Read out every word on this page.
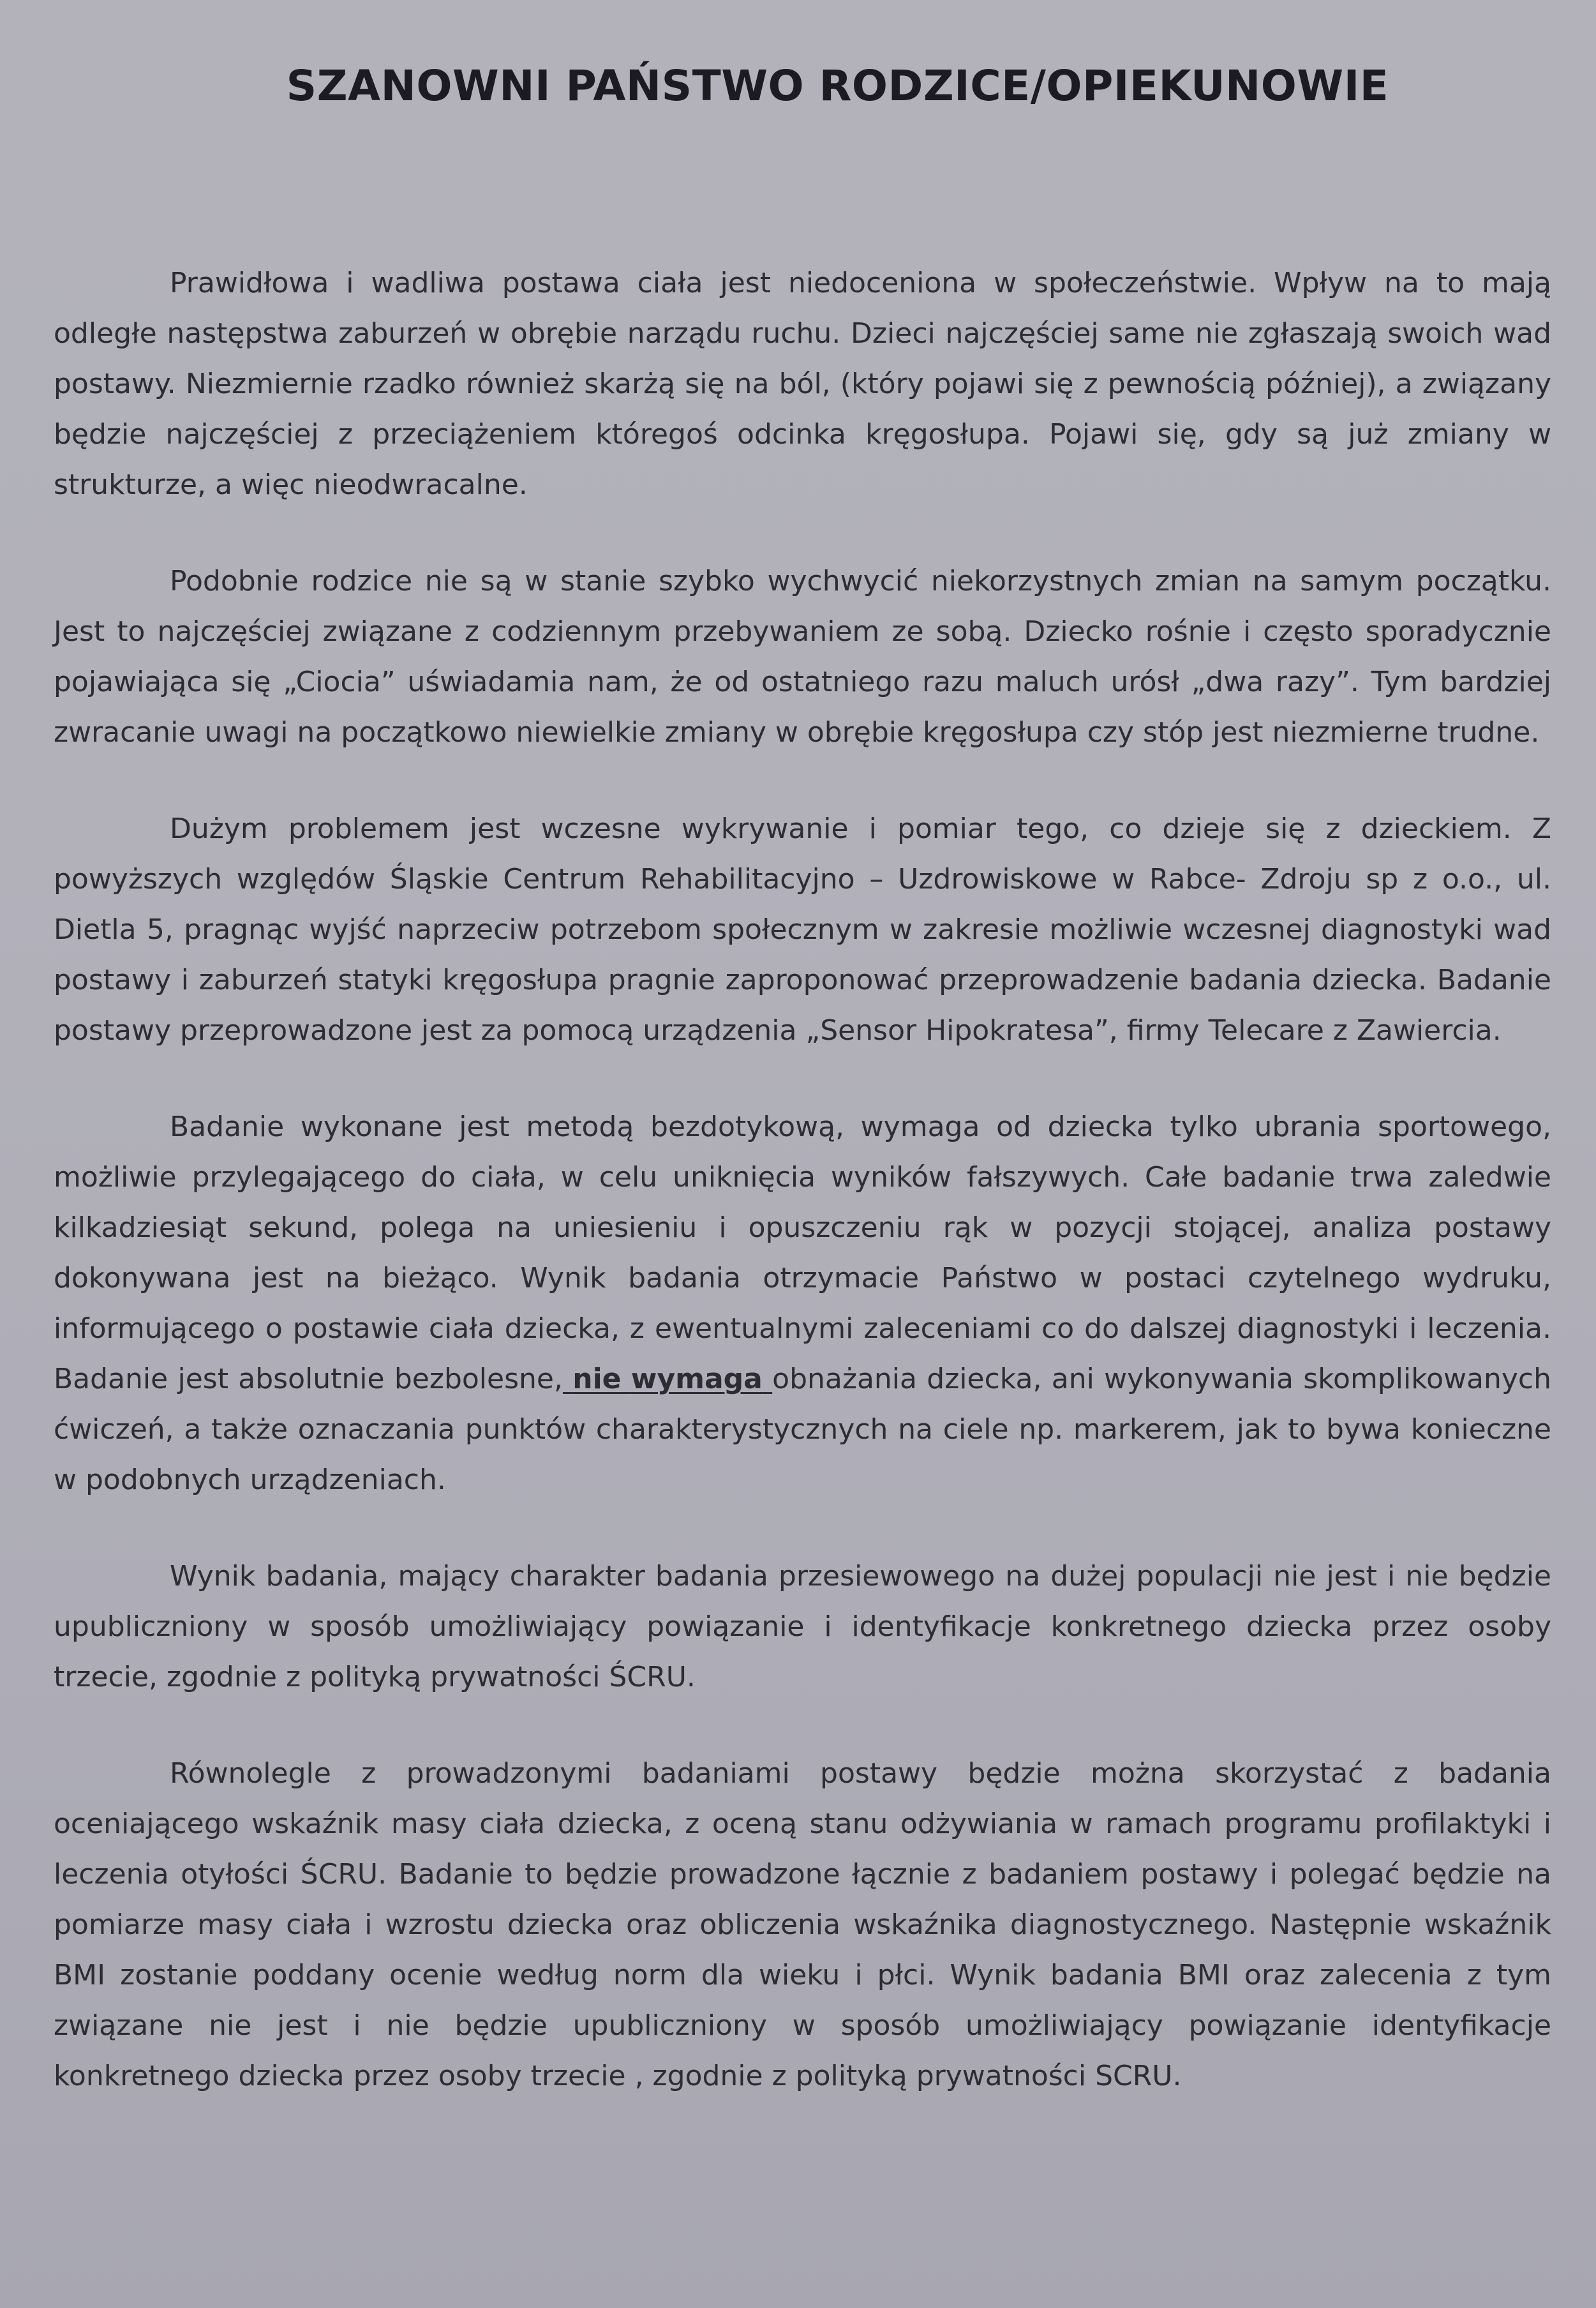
SZANOWNI PAŃSTWO RODZICE/OPIEKUNOWIE

Prawidłowa i wadliwa postawa ciała jest niedoceniona w społeczeństwie. Wpływ na to mają odległe następstwa zaburzeń w obrębie narządu ruchu. Dzieci najczęściej same nie zgłaszają swoich wad postawy. Niezmiernie rzadko również skarżą się na ból, (który pojawi się z pewnością później), a związany będzie najczęściej z przeciążeniem któregoś odcinka kręgosłupa. Pojawi się, gdy są już zmiany w strukturze, a więc nieodwracalne.

Podobnie rodzice nie są w stanie szybko wychwycić niekorzystnych zmian na samym początku. Jest to najczęściej związane z codziennym przebywaniem ze sobą. Dziecko rośnie i często sporadycznie pojawiająca się „Ciocia” uświadamia nam, że od ostatniego razu maluch urósł „dwa razy”. Tym bardziej zwracanie uwagi na początkowo niewielkie zmiany w obrębie kręgosłupa czy stóp jest niezmierne trudne.

Dużym problemem jest wczesne wykrywanie i pomiar tego, co dzieje się z dzieckiem. Z powyższych względów Śląskie Centrum Rehabilitacyjno – Uzdrowiskowe w Rabce- Zdroju sp z o.o., ul. Dietla 5, pragnąc wyjść naprzeciw potrzebom społecznym w zakresie możliwie wczesnej diagnostyki wad postawy i zaburzeń statyki kręgosłupa pragnie zaproponować przeprowadzenie badania dziecka. Badanie postawy przeprowadzone jest za pomocą urządzenia „Sensor Hipokratesa”, firmy Telecare z Zawiercia.

Badanie wykonane jest metodą bezdotykową, wymaga od dziecka tylko ubrania sportowego, możliwie przylegającego do ciała, w celu uniknięcia wyników fałszywych. Całe badanie trwa zaledwie kilkadziesiąt sekund, polega na uniesieniu i opuszczeniu rąk w pozycji stojącej, analiza postawy dokonywana jest na bieżąco. Wynik badania otrzymacie Państwo w postaci czytelnego wydruku, informującego o postawie ciała dziecka, z ewentualnymi zaleceniami co do dalszej diagnostyki i leczenia. Badanie jest absolutnie bezbolesne, nie wymaga obnażania dziecka, ani wykonywania skomplikowanych ćwiczeń, a także oznaczania punktów charakterystycznych na ciele np. markerem, jak to bywa konieczne w podobnych urządzeniach.

Wynik badania, mający charakter badania przesiewowego na dużej populacji nie jest i nie będzie upubliczniony w sposób umożliwiający powiązanie i identyfikacje konkretnego dziecka przez osoby trzecie, zgodnie z polityką prywatności ŚCRU.

Równolegle z prowadzonymi badaniami postawy będzie można skorzystać z badania oceniającego wskaźnik masy ciała dziecka, z oceną stanu odżywiania w ramach programu profilaktyki i leczenia otyłości ŚCRU. Badanie to będzie prowadzone łącznie z badaniem postawy i polegać będzie na pomiarze masy ciała i wzrostu dziecka oraz obliczenia wskaźnika diagnostycznego. Następnie wskaźnik BMI zostanie poddany ocenie według norm dla wieku i płci. Wynik badania BMI oraz zalecenia z tym związane nie jest i nie będzie upubliczniony w sposób umożliwiający powiązanie identyfikacje konkretnego dziecka przez osoby trzecie , zgodnie z polityką prywatności SCRU.
